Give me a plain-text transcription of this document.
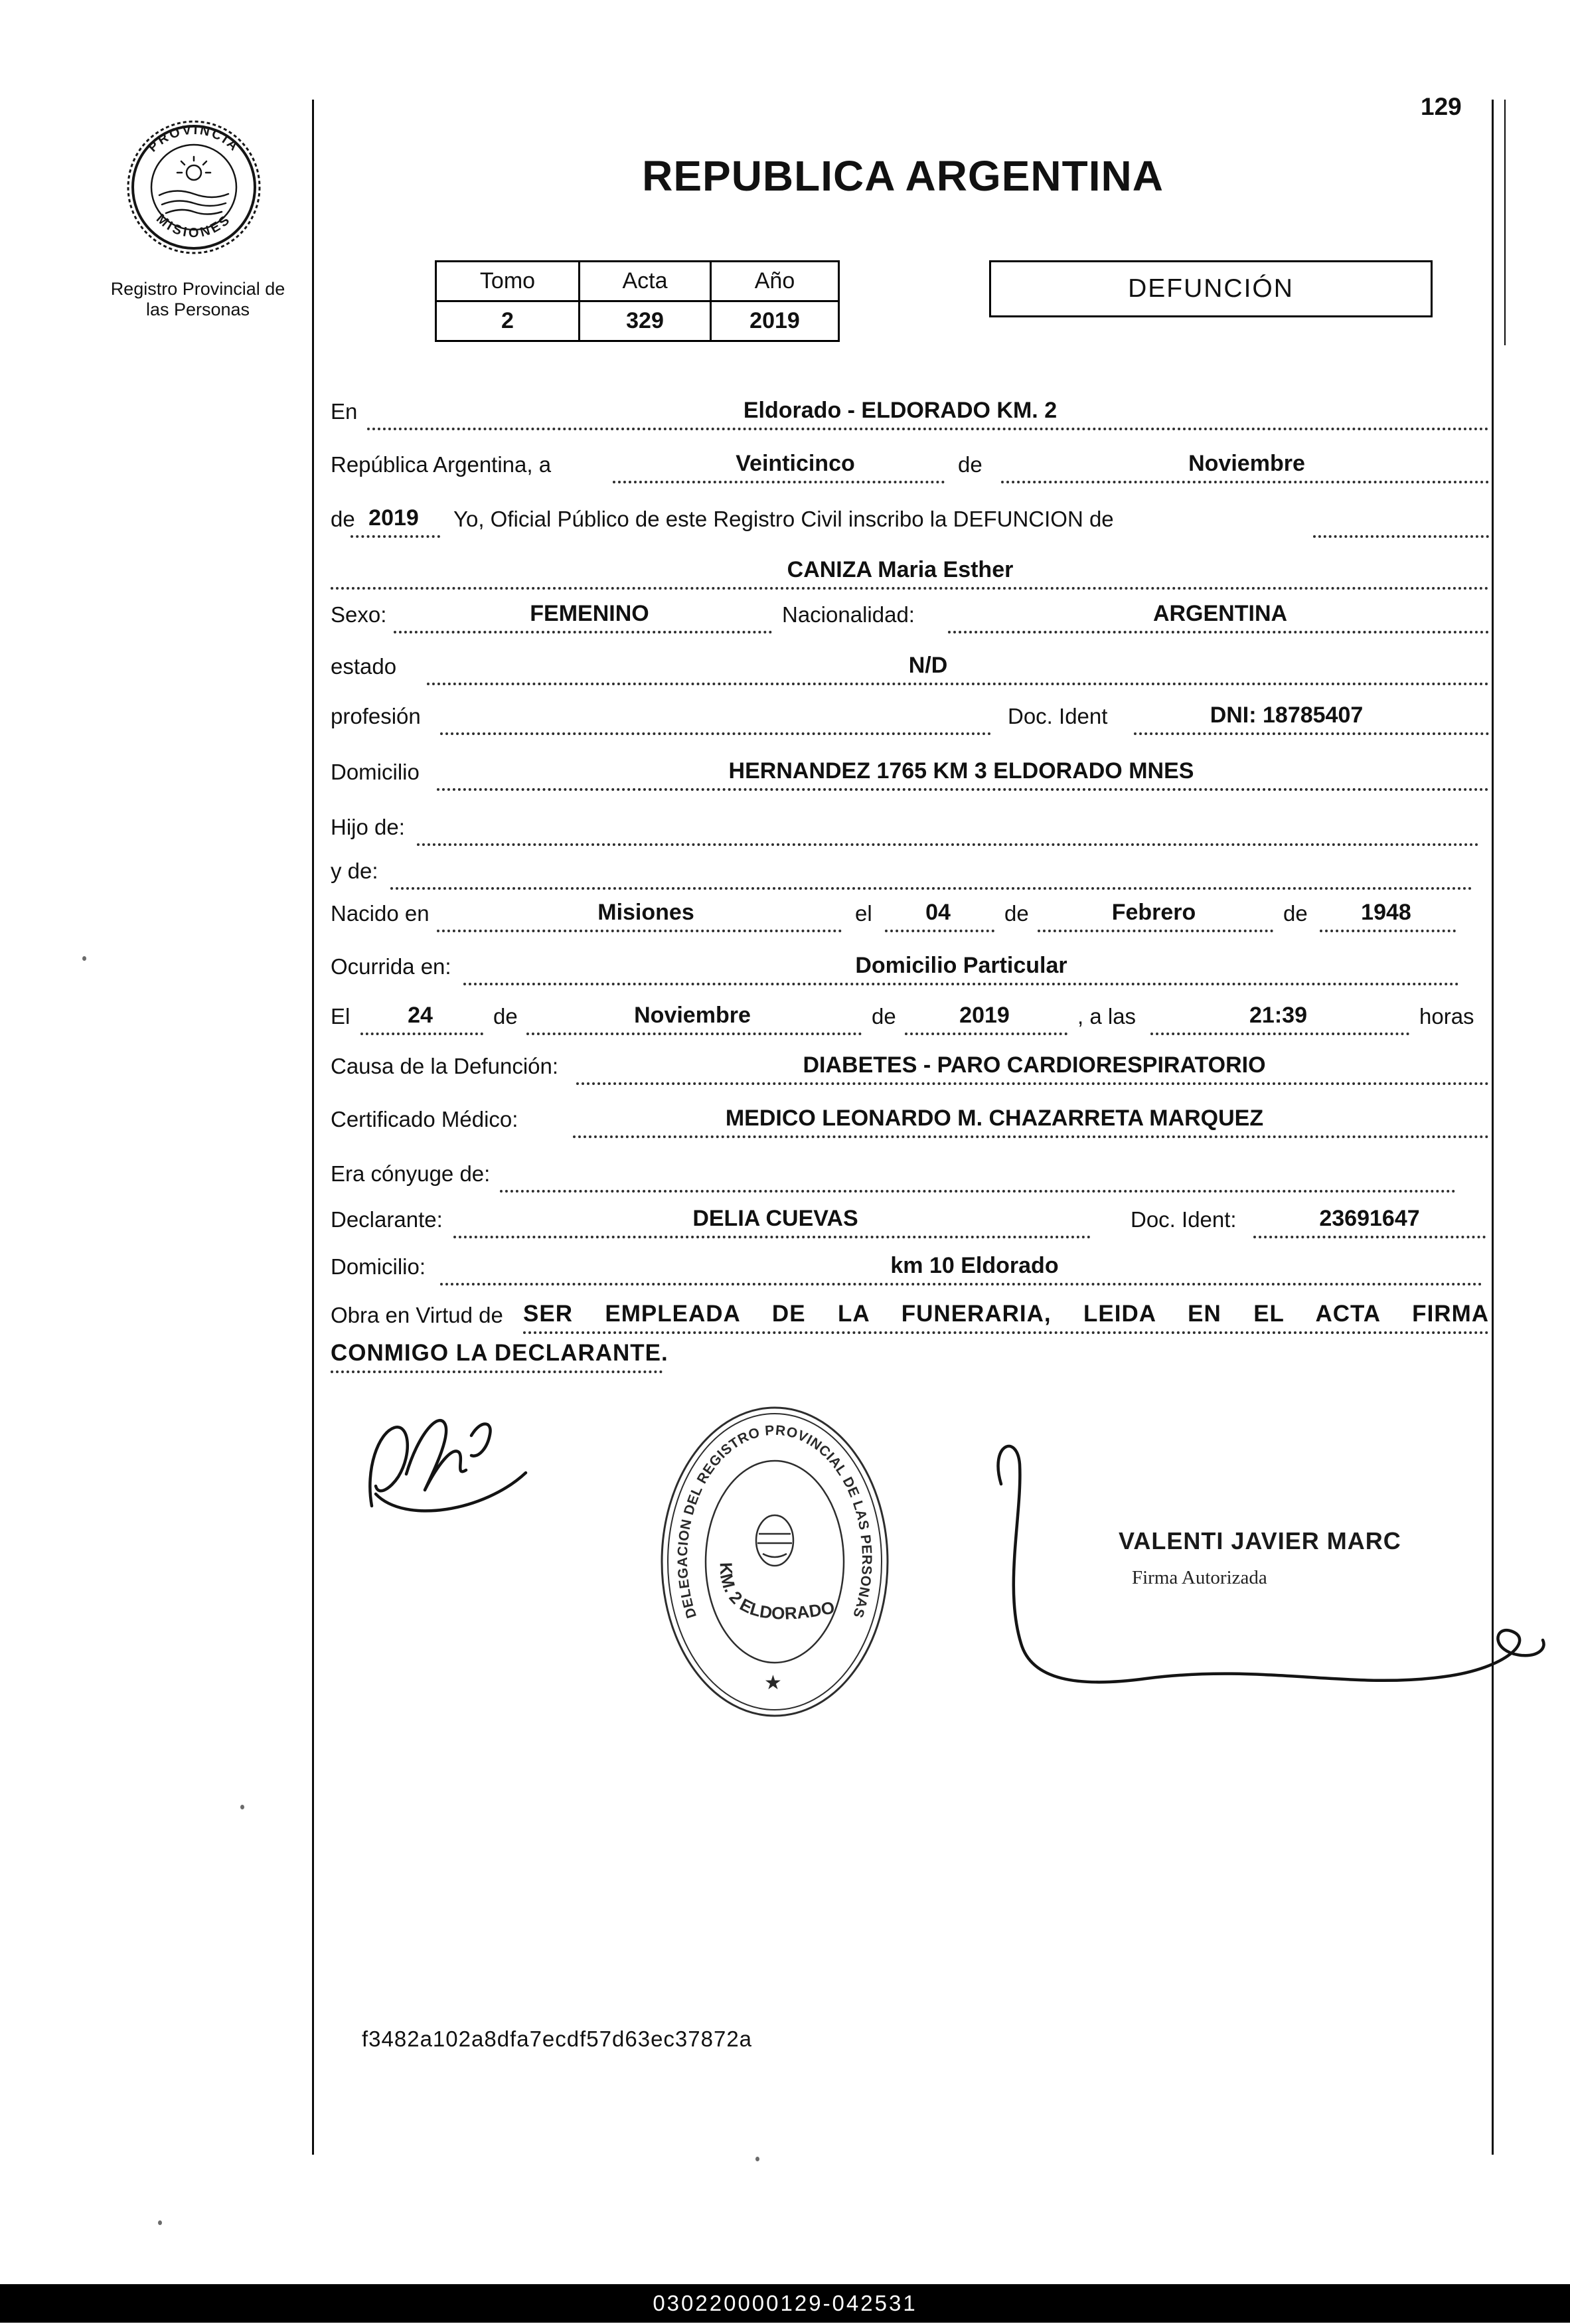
129
PROVINCIA
MISIONES
Registro Provincial de las Personas
REPUBLICA ARGENTINA
Tomo	Acta	Año
2	329	2019
DEFUNCIÓN
En	Eldorado - ELDORADO KM. 2
República Argentina, a	Veinticinco	de	Noviembre
de 2019	Yo, Oficial Público de este Registro Civil inscribo la DEFUNCION de
CANIZA Maria Esther
Sexo:	FEMENINO	Nacionalidad:	ARGENTINA
estado	N/D
profesión	Doc. Ident	DNI: 18785407
Domicilio	HERNANDEZ 1765 KM 3 ELDORADO MNES
Hijo de:
y de:
Nacido en	Misiones	el	04	de	Febrero	de	1948
Ocurrida en:	Domicilio Particular
El	24	de	Noviembre	de	2019	, a las	21:39	horas
Causa de la Defunción:	DIABETES - PARO CARDIORESPIRATORIO
Certificado Médico:	MEDICO LEONARDO M. CHAZARRETA MARQUEZ
Era cónyuge de:
Declarante:	DELIA CUEVAS	Doc. Ident:	23691647
Domicilio:	km 10 Eldorado
Obra en Virtud de SER EMPLEADA DE LA FUNERARIA, LEIDA EN EL ACTA FIRMA
CONMIGO LA DECLARANTE.
DELEGACION DEL REGISTRO PROVINCIAL DE LAS PERSONAS
KM. 2 ELDORADO
★
VALENTI JAVIER MARC
Firma Autorizada
f3482a102a8dfa7ecdf57d63ec37872a
030220000129-042531
